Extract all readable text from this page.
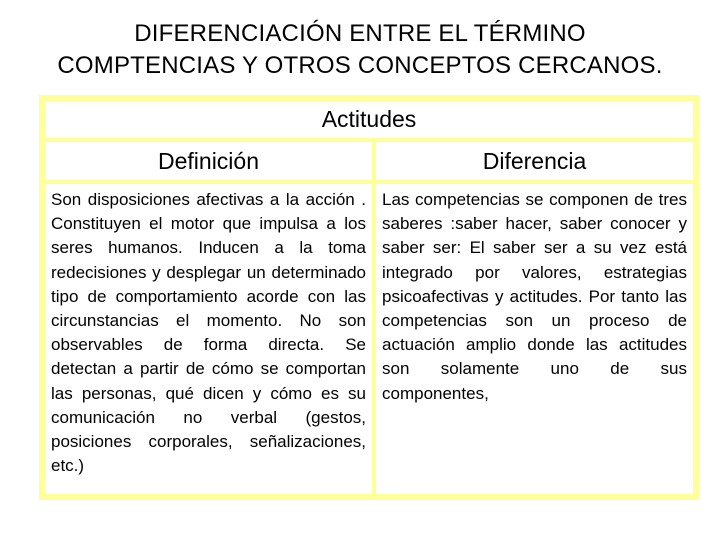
DIFERENCIACIÓN ENTRE EL TÉRMINO
COMPTENCIAS Y OTROS CONCEPTOS CERCANOS.
Actitudes
Definición	Diferencia
Son disposiciones afectivas a la acción . Constituyen el motor que impulsa a los seres humanos. Inducen a la toma redecisiones y desplegar un determinado tipo de comportamiento acorde con las circunstancias el momento. No son observables de forma directa. Se detectan a partir de cómo se comportan las personas, qué dicen y cómo es su comunicación no verbal (gestos, posiciones corporales, señalizaciones, etc.)
Las competencias se componen de tres saberes :saber hacer, saber conocer y saber ser: El saber ser a su vez está integrado por valores, estrategias psicoafectivas y actitudes. Por tanto las competencias son un proceso de actuación amplio donde las actitudes son solamente uno de sus componentes,
